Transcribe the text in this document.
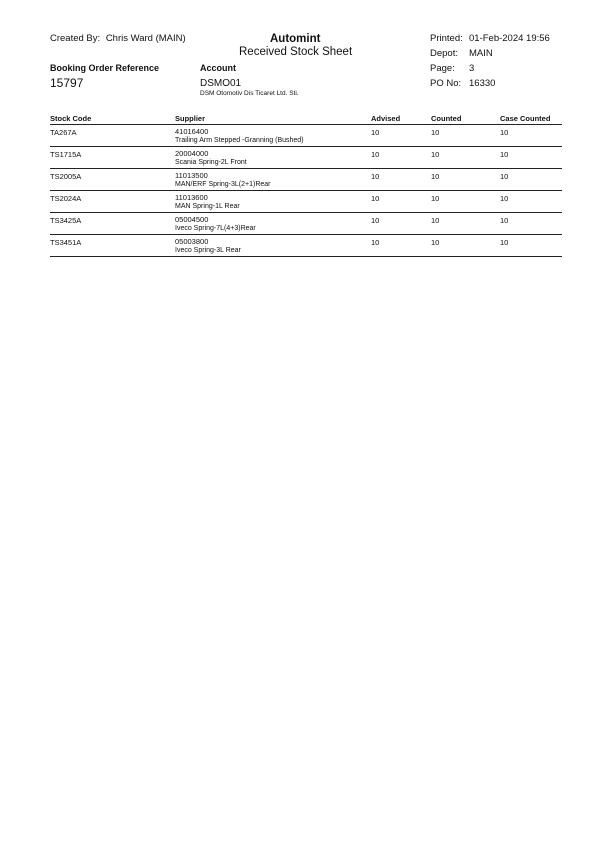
Created By: Chris Ward (MAIN)	Automint
Received Stock Sheet
Printed: 01-Feb-2024 19:56
Depot: MAIN
Booking Order Reference	Account	Page: 3
15797	DSMO01
DSM Otomotiv Dis Ticaret Ltd. Sti.
PO No: 16330
Stock Code	Supplier	Advised	Counted	Case Counted
TA267A	41016400
Trailing Arm Stepped -Granning (Bushed)	10	10	10
TS1715A	20004000
Scania Spring-2L Front	10	10	10
TS2005A	11013500
MAN/ERF Spring-3L(2+1)Rear	10	10	10
TS2024A	11013600
MAN Spring-1L Rear	10	10	10
TS3425A	05004500
Iveco Spring-7L(4+3)Rear	10	10	10
TS3451A	05003800
Iveco Spring-3L Rear	10	10	10
